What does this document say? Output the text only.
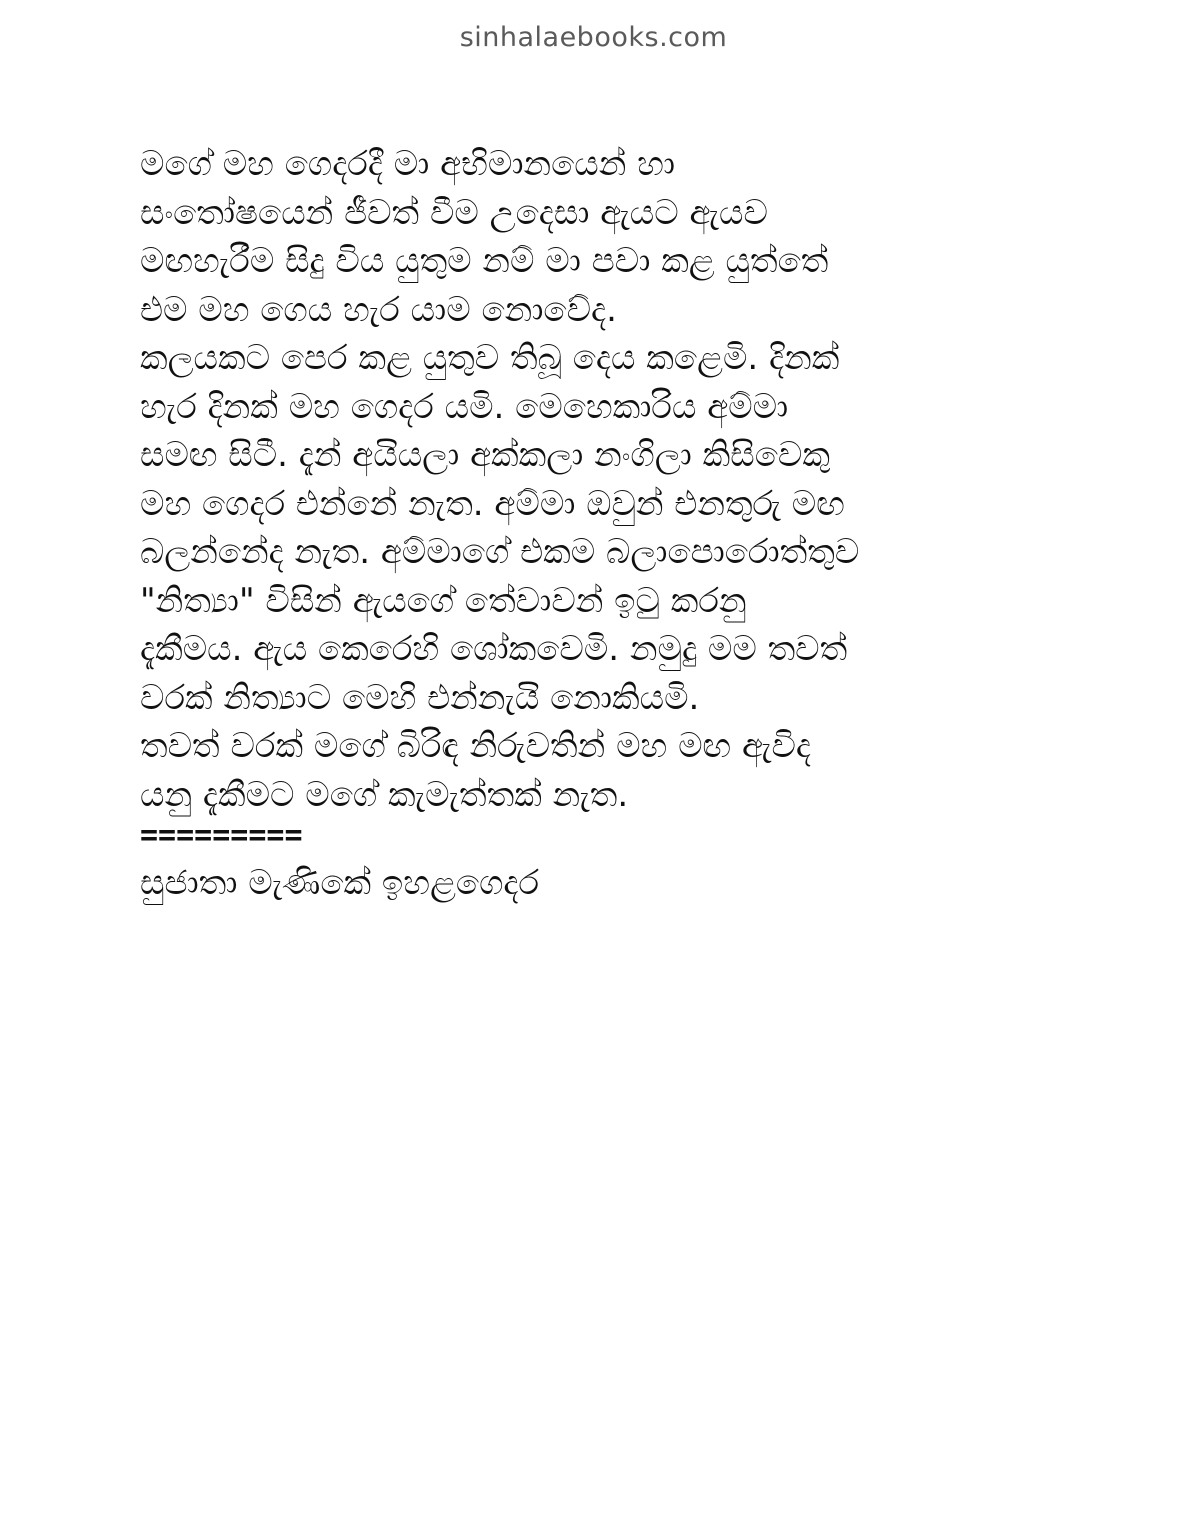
sinhalaebooks.com
මගේ මහ ගෙදරදී මා අභිමානයෙන් හා
සංතෝෂයෙන් ජීවත් වීම උදෙසා ඇයට ඇයව
මඟහැරීම සිදු විය යුතුම නම් මා පවා කළ යුත්තේ
එම මහ ගෙය හැර යාම නොවේද.
කලයකට පෙර කළ යුතුව තිබූ දෙය කළෙමි. දිනක්
හැර දිනක් මහ ගෙදර යමි. මෙහෙකාරිය අම්මා
සමඟ සිටී. දැන් අයියලා අක්කලා නංගිලා කිසිවෙකු
මහ ගෙදර එන්නේ නැත. අම්මා ඔවුන් එනතුරු මඟ
බලන්නේද නැත. අම්මාගේ එකම බලාපොරොත්තුව
"නිත්‍යා" විසින් ඇයගේ තේවාවන් ඉටු කරනු
දැකීමය. ඇය කෙරෙහි ශෝකවෙමි. නමුදු මම තවත්
වරක් නිත්‍යාට මෙහි එන්නැයි නොකියමි.
තවත් වරක් මගේ බිරිඳ නිරුවතින් මහ මඟ ඇවිද
යනු දැකීමට මගේ කැමැත්තක් නැත.
=========
සුජාතා මැණිකේ ඉහළගෙදර
